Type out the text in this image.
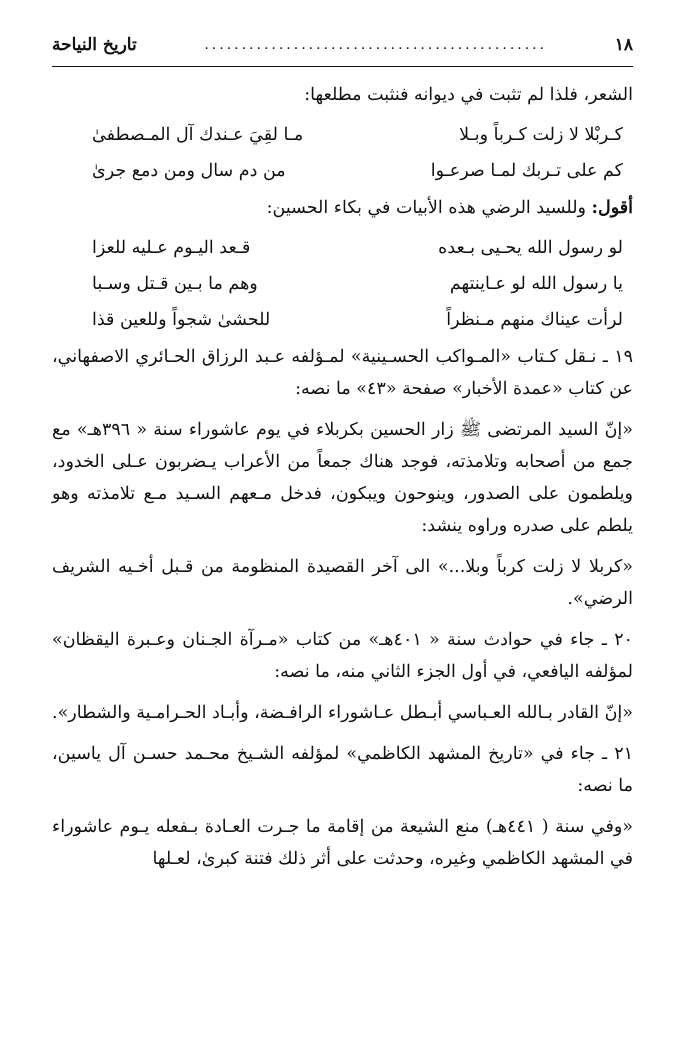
١٨
..............................................
تاريخ النياحة

الشعر، فلذا لم تثبت في ديوانه فنثبت مطلعها:

كـربْلا لا زلت كـرباً وبـلا
مـا لقِيَ عـندك آل المـصطفىٰ
كم على تـربك لمـا صرعـوا
من دم سال ومن دمع جرىٰ

أقول: وللسيد الرضي هذه الأبيات في بكاء الحسين:

لو رسول الله يحـيى بـعده
قـعد اليـوم عـليه للعزا
يا رسول الله لو عـاينتهم
وهم ما بـين قـتل وسـبا
لرأت عيناك منهم مـنظراً
للحشىٰ شجواً وللعين قذا

١٩ ـ نـقل كـتاب «المـواكب الحسـينية» لمـؤلفه عـبد الرزاق الحـائري الاصفهاني، عن كتاب «عمدة الأخبار» صفحة «٤٣» ما نصه:

«إنّ السيد المرتضى ﷺ زار الحسين بكربلاء في يوم عاشوراء سنة « ٣٩٦هـ» مع جمع من أصحابه وتلامذته، فوجد هناك جمعاً من الأعراب يـضربون عـلى الخدود، ويلطمون على الصدور، وينوحون ويبكون، فدخل مـعهم السـيد مـع تلامذته وهو يلطم على صدره وراوه ينشد:

«كربلا لا زلت كرباً وبلا...» الى آخر القصيدة المنظومة من قـبل أخـيه الشريف الرضي».

٢٠ ـ جاء في حوادث سنة « ٤٠١هـ» من كتاب «مـرآة الجـنان وعـبرة اليقظان» لمؤلفه اليافعي، في أول الجزء الثاني منه، ما نصه:

«إنّ القادر بـالله العـباسي أبـطل عـاشوراء الرافـضة، وأبـاد الحـرامـية والشطار».

٢١ ـ جاء في «تاريخ المشهد الكاظمي» لمؤلفه الشـيخ محـمد حسـن آل ياسين، ما نصه:

«وفي سنة ( ٤٤١هـ) منع الشيعة من إقامة ما جـرت العـادة بـفعله يـوم عاشوراء في المشهد الكاظمي وغيره، وحدثت على أثر ذلك فتنة كبرىٰ، لعـلها
